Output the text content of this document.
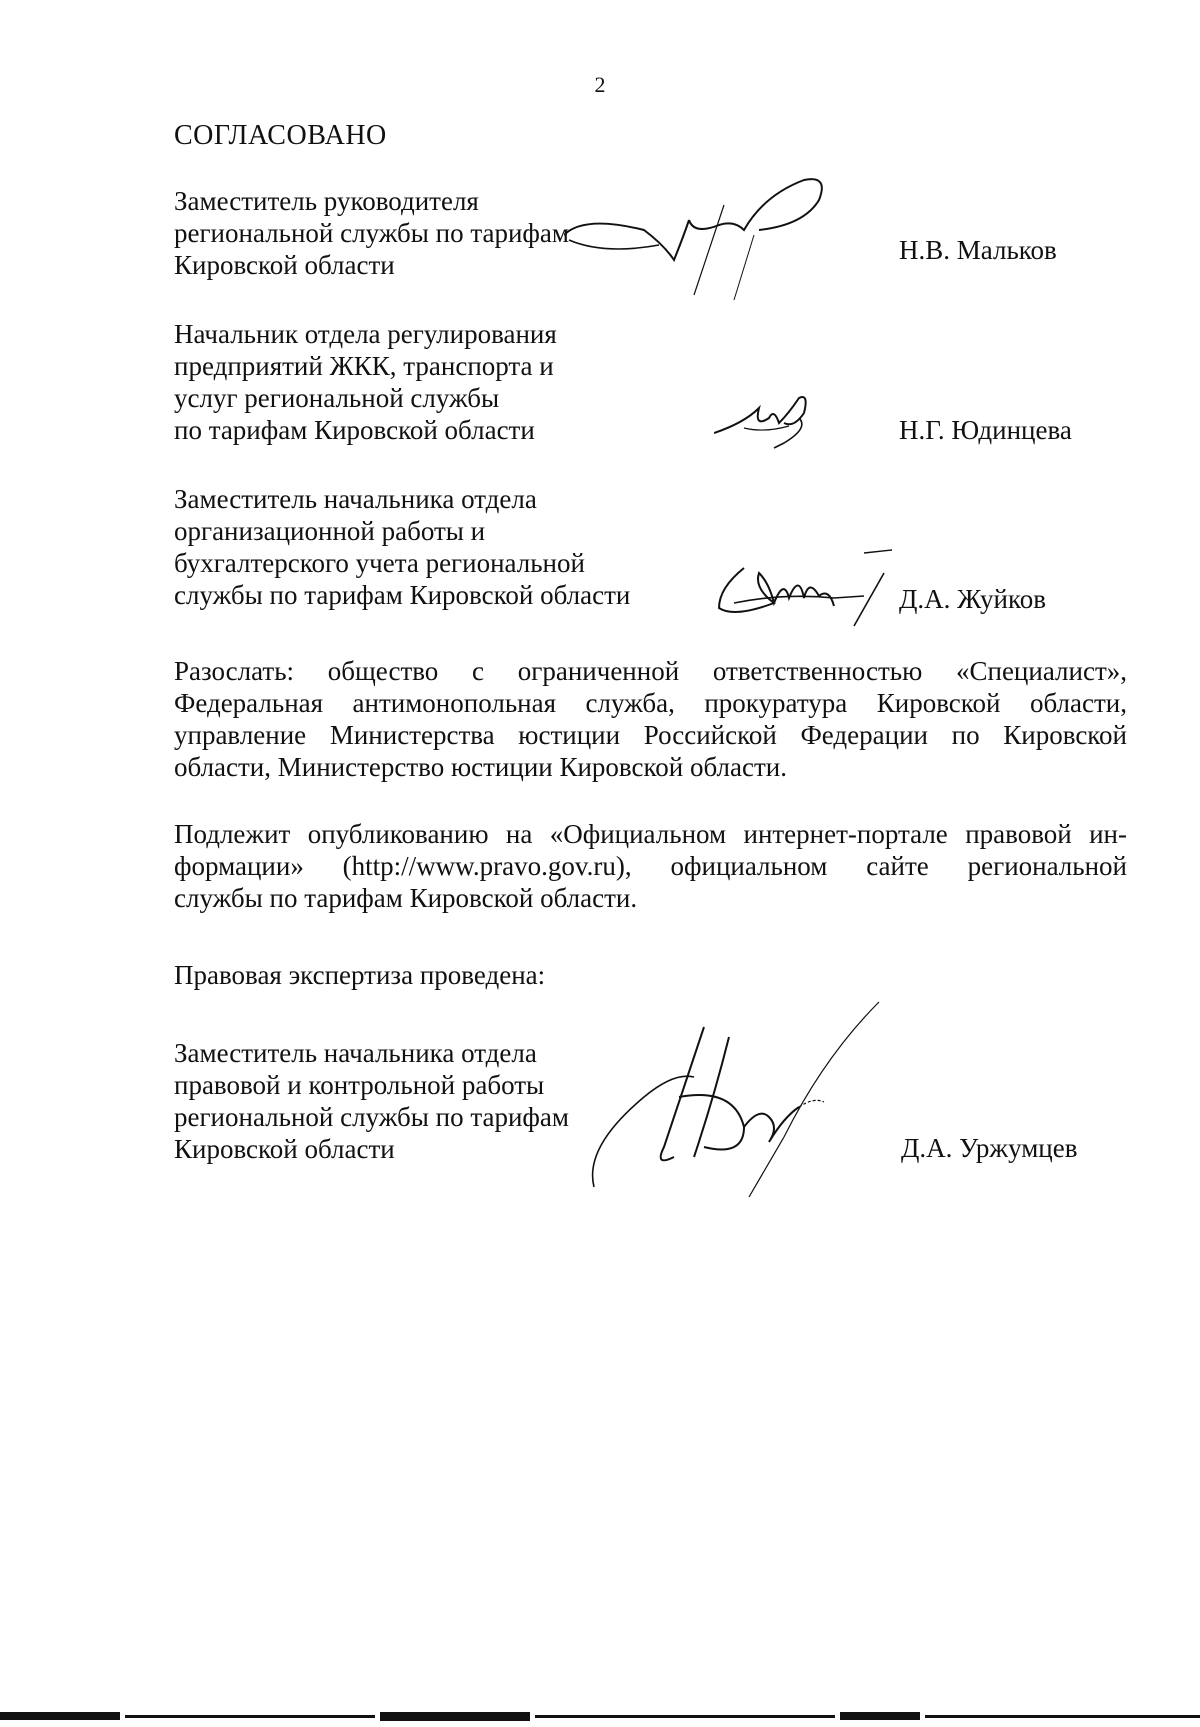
2
СОГЛАСОВАНО
Заместитель руководителя
региональной службы по тарифам
Кировской области	Н.В. Мальков
Начальник отдела регулирования
предприятий ЖКК, транспорта и
услуг региональной службы
по тарифам Кировской области	Н.Г. Юдинцева
Заместитель начальника отдела
организационной работы и
бухгалтерского учета региональной
службы по тарифам Кировской области	Д.А. Жуйков
Разослать: общество с ограниченной ответственностью «Специалист»,
Федеральная антимонопольная служба, прокуратура Кировской области,
управление Министерства юстиции Российской Федерации по Кировской
области, Министерство юстиции Кировской области.
Подлежит опубликованию на «Официальном интернет-портале правовой ин-
формации» (http://www.pravo.gov.ru), официальном сайте региональной
службы по тарифам Кировской области.
Правовая экспертиза проведена:
Заместитель начальника отдела
правовой и контрольной работы
региональной службы по тарифам
Кировской области	Д.А. Уржумцев
